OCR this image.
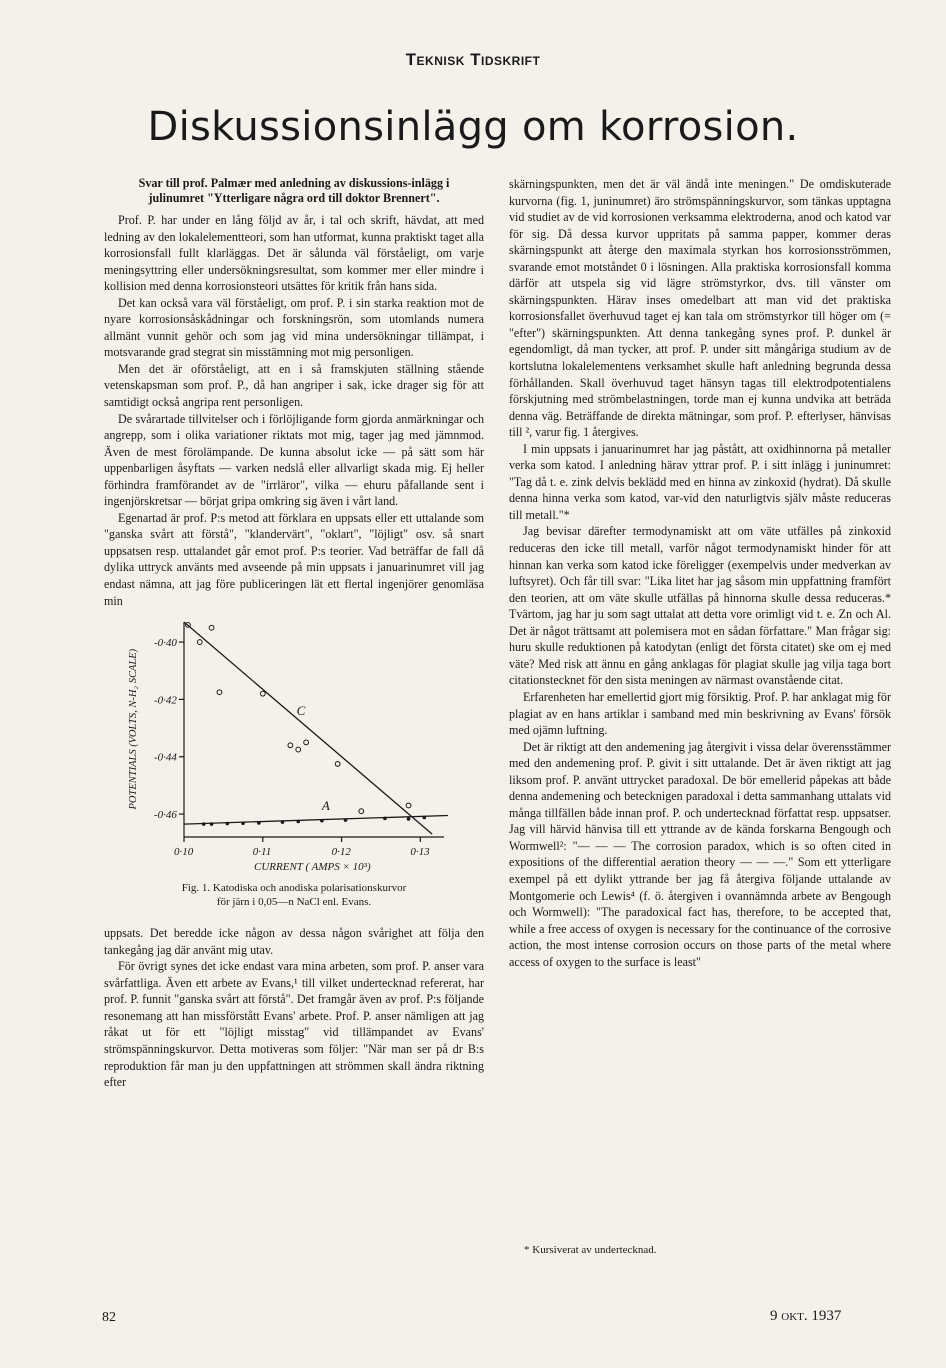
Teknisk Tidskrift
Diskussionsinlägg om korrosion.
Svar till prof. Palmær med anledning av diskussions-inlägg i julinumret "Ytterligare några ord till doktor Brennert".

Prof. P. har under en lång följd av år, i tal och skrift, hävdat, att med ledning av den lokalelementteori, som han utformat, kunna praktiskt taget alla korrosionsfall fullt klarläggas. Det är sålunda väl förståeligt, om varje meningsyttring eller undersökningsresultat, som kommer mer eller mindre i kollision med denna korrosionsteori utsättes för kritik från hans sida.

Det kan också vara väl förståeligt, om prof. P. i sin starka reaktion mot de nyare korrosionsåskådningar och forskningsrön, som utomlands numera allmänt vunnit gehör och som jag vid mina undersökningar tillämpat, i motsvarande grad stegrat sin misstämning mot mig personligen.

Men det är oförståeligt, att en i så framskjuten ställning stående vetenskapsman som prof. P., då han angriper i sak, icke drager sig för att samtidigt också angripa rent personligen.

De svårartade tillvitelser och i förlöjligande form gjorda anmärkningar och angrepp, som i olika variationer riktats mot mig, tager jag med jämnmod. Även de mest förolämpande. De kunna absolut icke — på sätt som här uppenbarligen åsyftats — varken nedslå eller allvarligt skada mig. Ej heller förhindra framförandet av de "irrläror", vilka — ehuru påfallande sent i ingenjörskretsar — börjat gripa omkring sig även i vårt land.

Egenartad är prof. P:s metod att förklara en uppsats eller ett uttalande som "ganska svårt att förstå", "klandervärt", "oklart", "löjligt" osv. så snart uppsatsen resp. uttalandet går emot prof. P:s teorier. Vad beträffar de fall då dylika uttryck använts med avseende på min uppsats i januarinumret vill jag endast nämna, att jag före publiceringen lät ett flertal ingenjörer genomläsa min

-0·40
-0·42
-0·44
-0·46
0·10	0·11	0·12	0·13
CURRENT ( AMPS × 10³)
POTENTIALS (VOLTS, N-H₂ SCALE)	C
A
Fig. 1. Katodiska och anodiska polarisationskurvor
för järn i 0,05—n NaCl enl. Evans.

uppsats. Det beredde icke någon av dessa någon svårighet att följa den tankegång jag där använt mig utav.

För övrigt synes det icke endast vara mina arbeten, som prof. P. anser vara svårfattliga. Även ett arbete av Evans,¹ till vilket undertecknad refererat, har prof. P. funnit "ganska svårt att förstå". Det framgår även av prof. P:s följande resonemang att han missförstått Evans' arbete. Prof. P. anser nämligen att jag råkat ut för ett "löjligt misstag" vid tillämpandet av Evans' strömspänningskurvor. Detta motiveras som följer: "När man ser på dr B:s reproduktion får man ju den uppfattningen att strömmen skall ändra riktning efter

skärningspunkten, men det är väl ändå inte meningen." De omdiskuterade kurvorna (fig. 1, juninumret) äro strömspänningskurvor, som tänkas upptagna vid studiet av de vid korrosionen verksamma elektroderna, anod och katod var för sig. Då dessa kurvor uppritats på samma papper, kommer deras skärningspunkt att återge den maximala styrkan hos korrosionsströmmen, svarande emot motståndet 0 i lösningen. Alla praktiska korrosionsfall komma därför att utspela sig vid lägre strömstyrkor, dvs. till vänster om skärningspunkten. Härav inses omedelbart att man vid det praktiska korrosionsfallet överhuvud taget ej kan tala om strömstyrkor till höger om (= "efter") skärningspunkten. Att denna tankegång synes prof. P. dunkel är egendomligt, då man tycker, att prof. P. under sitt mångåriga studium av de kortslutna lokalelementens verksamhet skulle haft anledning begrunda dessa förhållanden. Skall överhuvud taget hänsyn tagas till elektrodpotentialens förskjutning med strömbelastningen, torde man ej kunna undvika att beträda denna väg. Beträffande de direkta mätningar, som prof. P. efterlyser, hänvisas till ², varur fig. 1 återgives.

I min uppsats i januarinumret har jag påstått, att oxidhinnorna på metaller verka som katod. I anledning härav yttrar prof. P. i sitt inlägg i juninumret: "Tag då t. e. zink delvis beklädd med en hinna av zinkoxid (hydrat). Då skulle denna hinna verka som katod, var-vid den naturligtvis själv måste reduceras till metall."*

Jag bevisar därefter termodynamiskt att om väte utfälles på zinkoxid reduceras den icke till metall, varför något termodynamiskt hinder för att hinnan kan verka som katod icke föreligger (exempelvis under medverkan av luftsyret). Och får till svar: "Lika litet har jag såsom min uppfattning framfört den teorien, att om väte skulle utfällas på hinnorna skulle dessa reduceras.* Tvärtom, jag har ju som sagt uttalat att detta vore orimligt vid t. e. Zn och Al. Det är något trättsamt att polemisera mot en sådan författare." Man frågar sig: huru skulle reduktionen på katodytan (enligt det första citatet) ske om ej med väte? Med risk att ännu en gång anklagas för plagiat skulle jag vilja taga bort citationstecknet för den sista meningen av närmast ovanstående citat.

Erfarenheten har emellertid gjort mig försiktig. Prof. P. har anklagat mig för plagiat av en hans artiklar i samband med min beskrivning av Evans' försök med ojämn luftning.

Det är riktigt att den andemening jag återgivit i vissa delar överensstämmer med den andemening prof. P. givit i sitt uttalande. Det är även riktigt att jag liksom prof. P. använt uttrycket paradoxal. De bör emellerid påpekas att både denna andemening och betecknigen paradoxal i detta sammanhang uttalats vid många tillfällen både innan prof. P. och undertecknad författat resp. uppsatser. Jag vill härvid hänvisa till ett yttrande av de kända forskarna Bengough och Wormwell²: "— — — The corrosion paradox, which is so often cited in expositions of the differential aeration theory — — —." Som ett ytterligare exempel på ett dylikt yttrande ber jag få återgiva följande uttalande av Montgomerie och Lewis⁴ (f. ö. återgiven i ovannämnda arbete av Bengough och Wormwell): "The paradoxical fact has, therefore, to be accepted that, while a free access of oxygen is necessary for the continuance of the corrosive action, the most intense corrosion occurs on those parts of the metal where access of oxygen to the surface is least"

* Kursiverat av undertecknad.
82	9 okt. 1937
